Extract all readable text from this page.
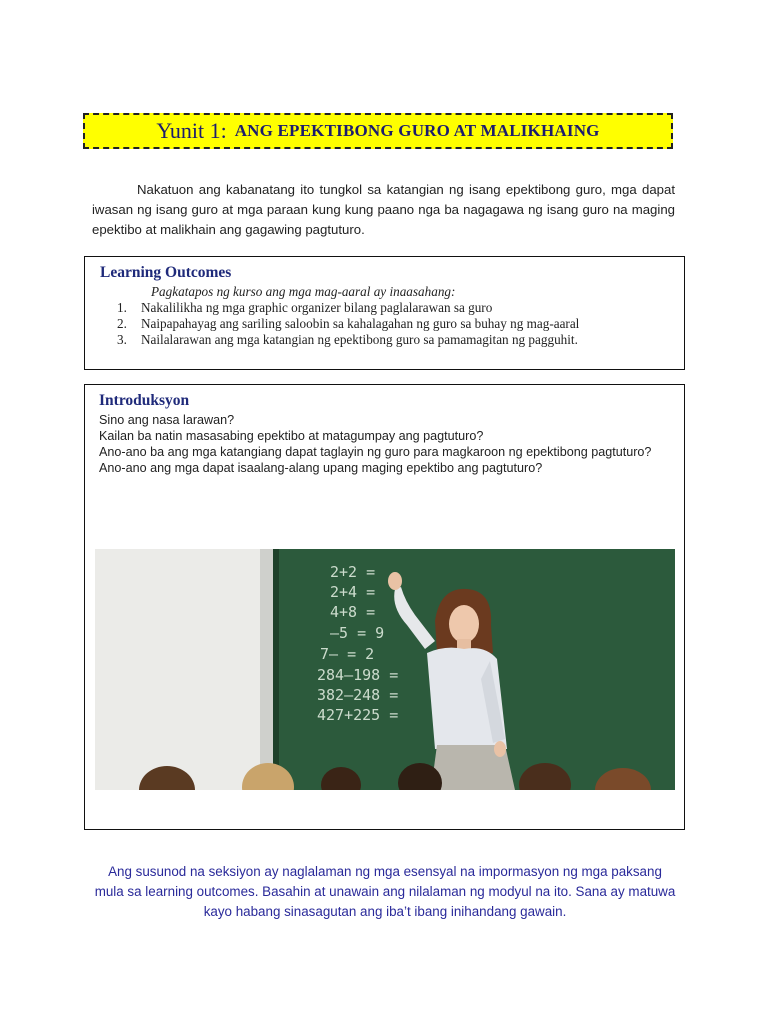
Yunit 1: ANG EPEKTIBONG GURO AT MALIKHAING

Nakatuon ang kabanatang ito tungkol sa katangian ng isang epektibong guro, mga dapat iwasan ng isang guro at mga paraan kung kung paano nga ba nagagawa ng isang guro na maging epektibo at malikhain ang gagawing pagtuturo.

Learning Outcomes

Pagkatapos ng kurso ang mga mag-aaral ay inaasahang:

1.	Nakalilikha ng mga graphic organizer bilang paglalarawan sa guro
2.	Naipapahayag ang sariling saloobin sa kahalagahan ng guro sa buhay ng mag-aaral
3.	Nailalarawan ang mga katangian ng epektibong guro sa pamamagitan ng pagguhit.

Introduksyon

Sino ang nasa larawan?

Kailan ba natin masasabing epektibo at matagumpay ang pagtuturo?

Ano-ano ba ang mga katangiang dapat taglayin ng guro para magkaroon ng epektibong pagtuturo?

Ano-ano ang mga dapat isaalang-alang upang maging epektibo ang pagtuturo?

2+2 =
2+4 =
4+8 =
–5 = 9
7– = 2
284–198 =
382–248 =
427+225 =

Ang susunod na seksiyon ay naglalaman ng mga esensyal na impormasyon ng mga paksang mula sa learning outcomes. Basahin at unawain ang nilalaman ng modyul na ito. Sana ay matuwa kayo habang sinasagutan ang iba’t ibang inihandang gawain.
